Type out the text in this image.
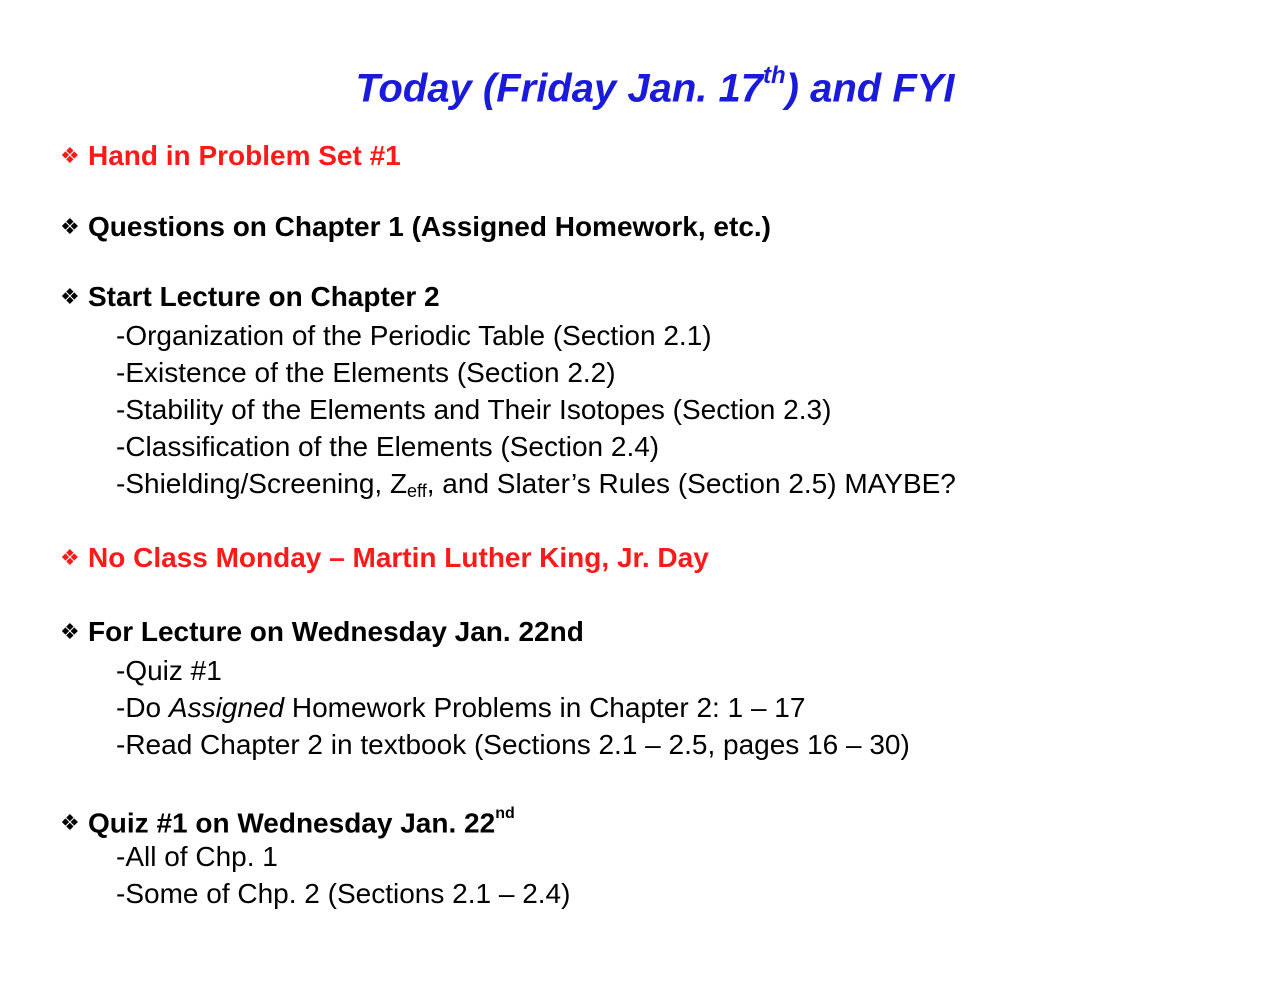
Today (Friday Jan. 17th) and FYI
❖ Hand in Problem Set #1
❖ Questions on Chapter 1 (Assigned Homework, etc.)
❖ Start Lecture on Chapter 2
-Organization of the Periodic Table (Section 2.1)
-Existence of the Elements (Section 2.2)
-Stability of the Elements and Their Isotopes (Section 2.3)
-Classification of the Elements (Section 2.4)
-Shielding/Screening, $Z_{eff}$, and Slater’s Rules (Section 2.5) MAYBE?
❖ No Class Monday – Martin Luther King, Jr. Day
❖ For Lecture on Wednesday Jan. 22nd
-Quiz #1
-Do Assigned Homework Problems in Chapter 2: 1 – 17
-Read Chapter 2 in textbook (Sections 2.1 – 2.5, pages 16 – 30)
❖ Quiz #1 on Wednesday Jan. 22nd
-All of Chp. 1
-Some of Chp. 2 (Sections 2.1 – 2.4)
